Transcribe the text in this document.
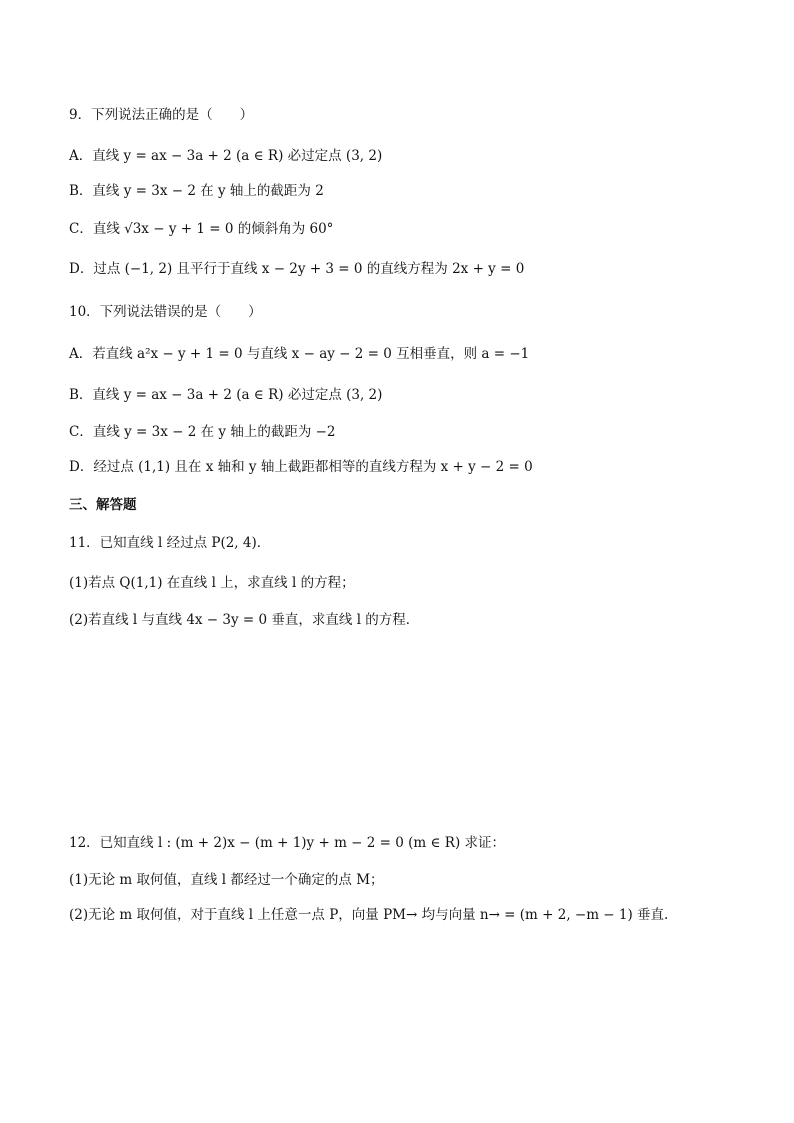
9．下列说法正确的是（　　）
A．直线 y = ax − 3a + 2 (a ∈ R) 必过定点 (3, 2)
B．直线 y = 3x − 2 在 y 轴上的截距为 2
C．直线 √3x − y + 1 = 0 的倾斜角为 60°
D．过点 (−1, 2) 且平行于直线 x − 2y + 3 = 0 的直线方程为 2x + y = 0
10．下列说法错误的是（　　）
A．若直线 a²x − y + 1 = 0 与直线 x − ay − 2 = 0 互相垂直，则 a = −1
B．直线 y = ax − 3a + 2 (a ∈ R) 必过定点 (3, 2)
C．直线 y = 3x − 2 在 y 轴上的截距为 −2
D．经过点 (1,1) 且在 x 轴和 y 轴上截距都相等的直线方程为 x + y − 2 = 0
三、解答题
11．已知直线 l 经过点 P(2, 4)．
(1)若点 Q(1,1) 在直线 l 上，求直线 l 的方程；
(2)若直线 l 与直线 4x − 3y = 0 垂直，求直线 l 的方程．
12．已知直线 l : (m + 2)x − (m + 1)y + m − 2 = 0 (m ∈ R) 求证：
(1)无论 m 取何值，直线 l 都经过一个确定的点 M；
(2)无论 m 取何值，对于直线 l 上任意一点 P，向量 PM→ 均与向量 n→ = (m + 2, −m − 1) 垂直.
